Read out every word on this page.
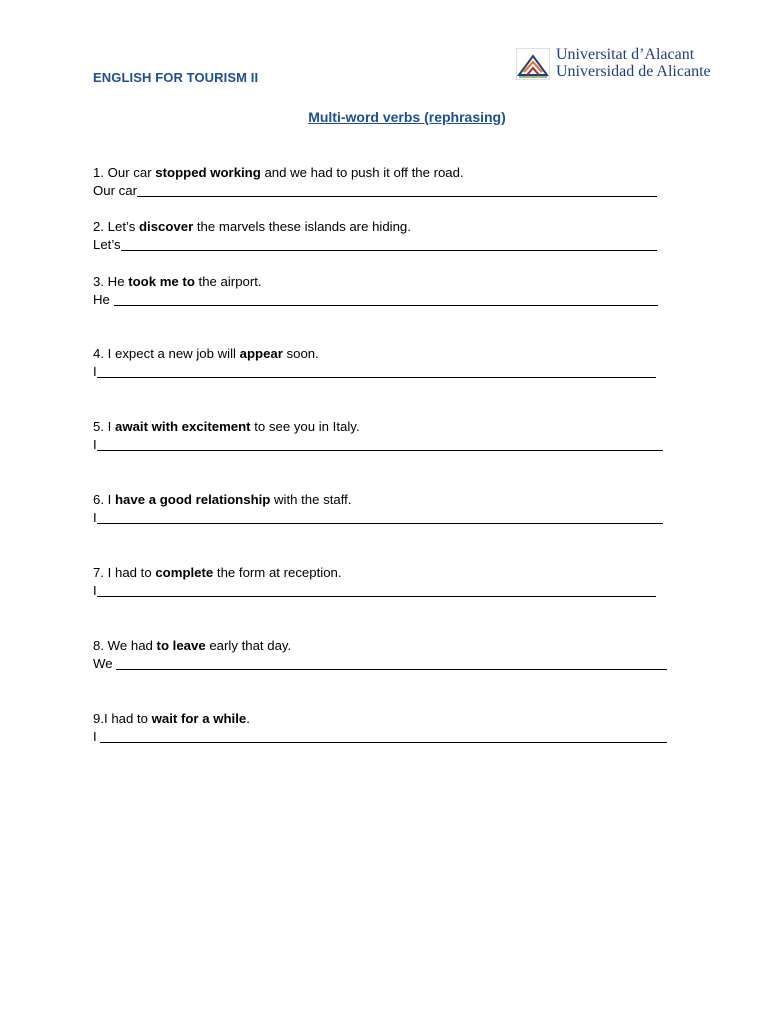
ENGLISH FOR TOURISM II
Universitat d’Alacant
Universidad de Alicante
Multi-word verbs (rephrasing)
1. Our car stopped working and we had to push it off the road.
Our car
2. Let’s discover the marvels these islands are hiding.
Let’s
3. He took me to the airport.
He
4. I expect a new job will appear soon.
I
5. I await with excitement to see you in Italy.
I
6. I have a good relationship with the staff.
I
7. I had to complete the form at reception.
I
8. We had to leave early that day.
We
9.I had to wait for a while.
I
